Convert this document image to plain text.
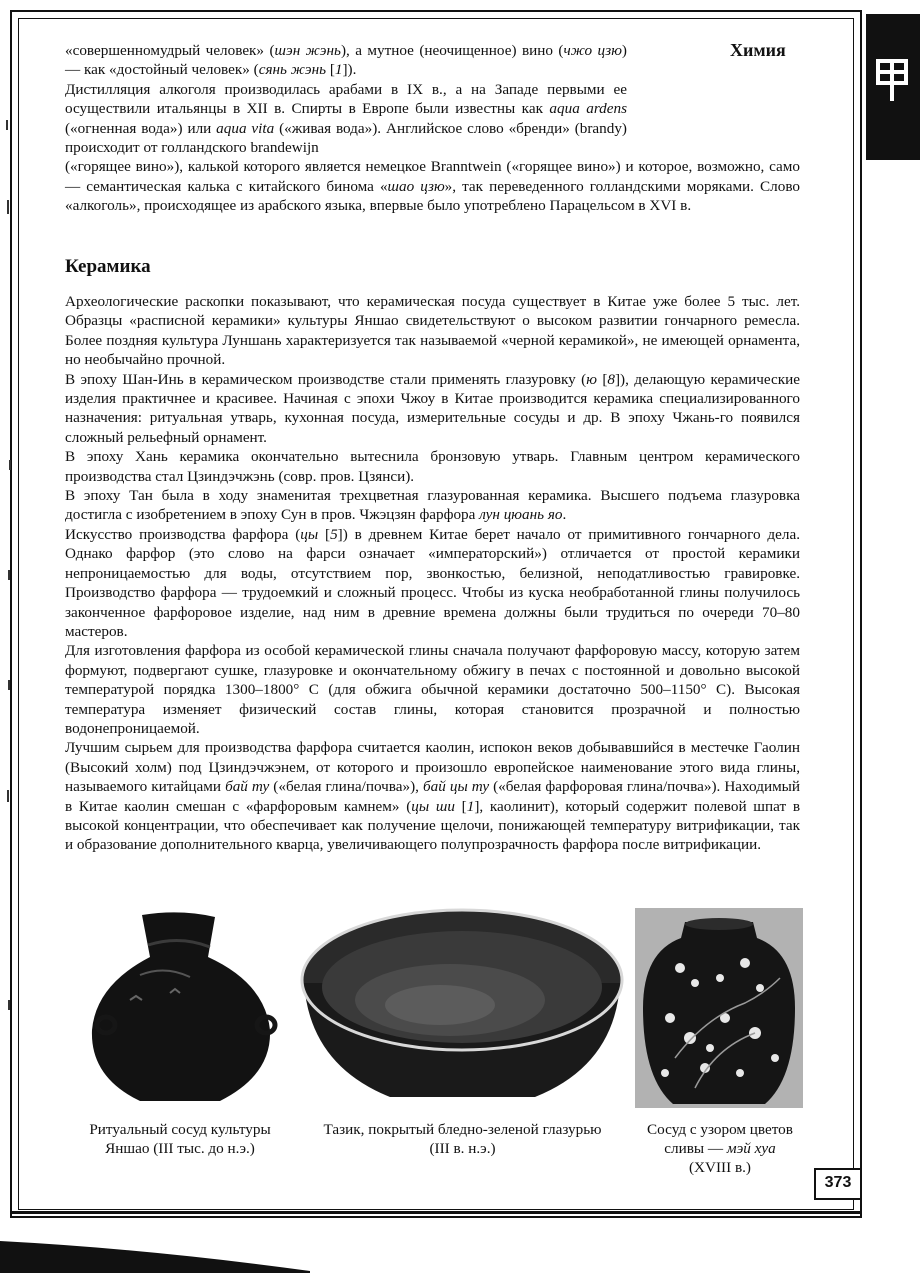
Химия

«совершенномудрый человек» (шэн жэнь), а мутное (неочищенное) вино (чжо цзю) — как «достойный человек» (сянь жэнь [1]).
Дистилляция алкоголя производилась арабами в IX в., а на Западе первыми ее осуществили итальянцы в XII в. Спирты в Европе были известны как aqua ardens («огненная вода») или aqua vita («живая вода»). Английское слово «бренди» (brandy) происходит от голландского brandewijn

(«горящее вино»), калькой которого является немецкое Branntwein («горящее вино») и которое, возможно, само — семантическая калька с китайского бинома «шао цзю», так переведенного голландскими моряками. Слово «алкоголь», происходящее из арабского языка, впервые было употреблено Парацельсом в XVI в.

Керамика

Археологические раскопки показывают, что керамическая посуда существует в Китае уже более 5 тыс. лет. Образцы «расписной керамики» культуры Яншао свидетельствуют о высоком развитии гончарного ремесла. Более поздняя культура Луншань характеризуется так называемой «черной керамикой», не имеющей орнамента, но необычайно прочной.

В эпоху Шан-Инь в керамическом производстве стали применять глазуровку (ю [8]), делающую керамические изделия практичнее и красивее. Начиная с эпохи Чжоу в Китае производится керамика специализированного назначения: ритуальная утварь, кухонная посуда, измерительные сосуды и др. В эпоху Чжань-го появился сложный рельефный орнамент.

В эпоху Хань керамика окончательно вытеснила бронзовую утварь. Главным центром керамического производства стал Цзиндэчжэнь (совр. пров. Цзянси).

В эпоху Тан была в ходу знаменитая трехцветная глазурованная керамика. Высшего подъема глазуровка достигла с изобретением в эпоху Сун в пров. Чжэцзян фарфора лун цюань яо.

Искусство производства фарфора (цы [5]) в древнем Китае берет начало от примитивного гончарного дела. Однако фарфор (это слово на фарси означает «императорский») отличается от простой керамики непроницаемостью для воды, отсутствием пор, звонкостью, белизной, неподатливостью гравировке. Производство фарфора — трудоемкий и сложный процесс. Чтобы из куска необработанной глины получилось законченное фарфоровое изделие, над ним в древние времена должны были трудиться по очереди 70–80 мастеров.

Для изготовления фарфора из особой керамической глины сначала получают фарфоровую массу, которую затем формуют, подвергают сушке, глазуровке и окончательному обжигу в печах с постоянной и довольно высокой температурой порядка 1300–1800° С (для обжига обычной керамики достаточно 500–1150° С). Высокая температура изменяет физический состав глины, которая становится прозрачной и полностью водонепроницаемой.

Лучшим сырьем для производства фарфора считается каолин, испокон веков добывавшийся в местечке Гаолин (Высокий холм) под Цзиндэчжэнем, от которого и произошло европейское наименование этого вида глины, называемого китайцами бай ту («белая глина/почва»), бай цы ту («белая фарфоровая глина/почва»). Находимый в Китае каолин смешан с «фарфоровым камнем» (цы ши [1], каолинит), который содержит полевой шпат в высокой концентрации, что обеспечивает как получение щелочи, понижающей температуру витрификации, так и образование дополнительного кварца, увеличивающего полупрозрачность фарфора после витрификации.

Ритуальный сосуд культуры
Яншао (III тыс. до н.э.)
Тазик, покрытый бледно-зеленой глазурью
(III в. н.э.)
Сосуд с узором цветов
сливы — мэй хуа
(XVIII в.)
373
